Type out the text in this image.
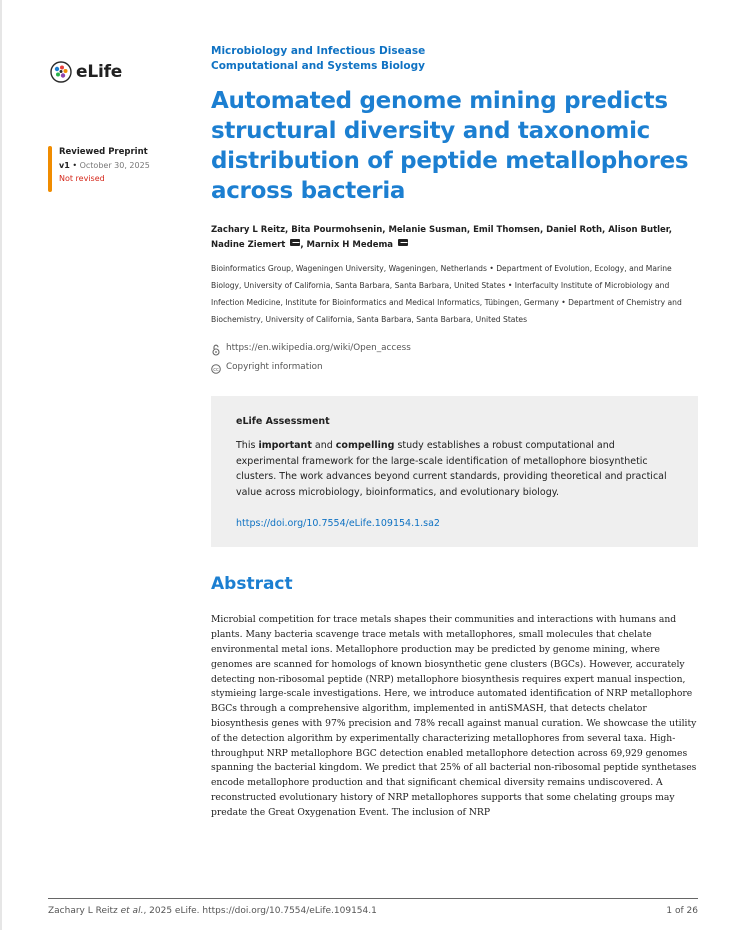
eLife
Reviewed Preprint
v1 • October 30, 2025
Not revised
Microbiology and Infectious Disease
Computational and Systems Biology
Automated genome mining predicts structural diversity and taxonomic distribution of peptide metallophores across bacteria
Zachary L Reitz, Bita Pourmohsenin, Melanie Susman, Emil Thomsen, Daniel Roth, Alison Butler,
Nadine Ziemert , Marnix H Medema
Bioinformatics Group, Wageningen University, Wageningen, Netherlands • Department of Evolution, Ecology, and Marine Biology, University of California, Santa Barbara, Santa Barbara, United States • Interfaculty Institute of Microbiology and Infection Medicine, Institute for Bioinformatics and Medical Informatics, Tübingen, Germany • Department of Chemistry and Biochemistry, University of California, Santa Barbara, Santa Barbara, United States
https://en.wikipedia.org/wiki/Open_access
cc Copyright information
eLife Assessment
This important and compelling study establishes a robust computational and experimental framework for the large-scale identification of metallophore biosynthetic clusters. The work advances beyond current standards, providing theoretical and practical value across microbiology, bioinformatics, and evolutionary biology.
https://doi.org/10.7554/eLife.109154.1.sa2
Abstract
Microbial competition for trace metals shapes their communities and interactions with humans and plants. Many bacteria scavenge trace metals with metallophores, small molecules that chelate environmental metal ions. Metallophore production may be predicted by genome mining, where genomes are scanned for homologs of known biosynthetic gene clusters (BGCs). However, accurately detecting non-ribosomal peptide (NRP) metallophore biosynthesis requires expert manual inspection, stymieing large-scale investigations. Here, we introduce automated identification of NRP metallophore BGCs through a comprehensive algorithm, implemented in antiSMASH, that detects chelator biosynthesis genes with 97% precision and 78% recall against manual curation. We showcase the utility of the detection algorithm by experimentally characterizing metallophores from several taxa. High-throughput NRP metallophore BGC detection enabled metallophore detection across 69,929 genomes spanning the bacterial kingdom. We predict that 25% of all bacterial non-ribosomal peptide synthetases encode metallophore production and that significant chemical diversity remains undiscovered. A reconstructed evolutionary history of NRP metallophores supports that some chelating groups may predate the Great Oxygenation Event. The inclusion of NRP
Zachary L Reitz et al., 2025 eLife. https://doi.org/10.7554/eLife.109154.1	1 of 26
